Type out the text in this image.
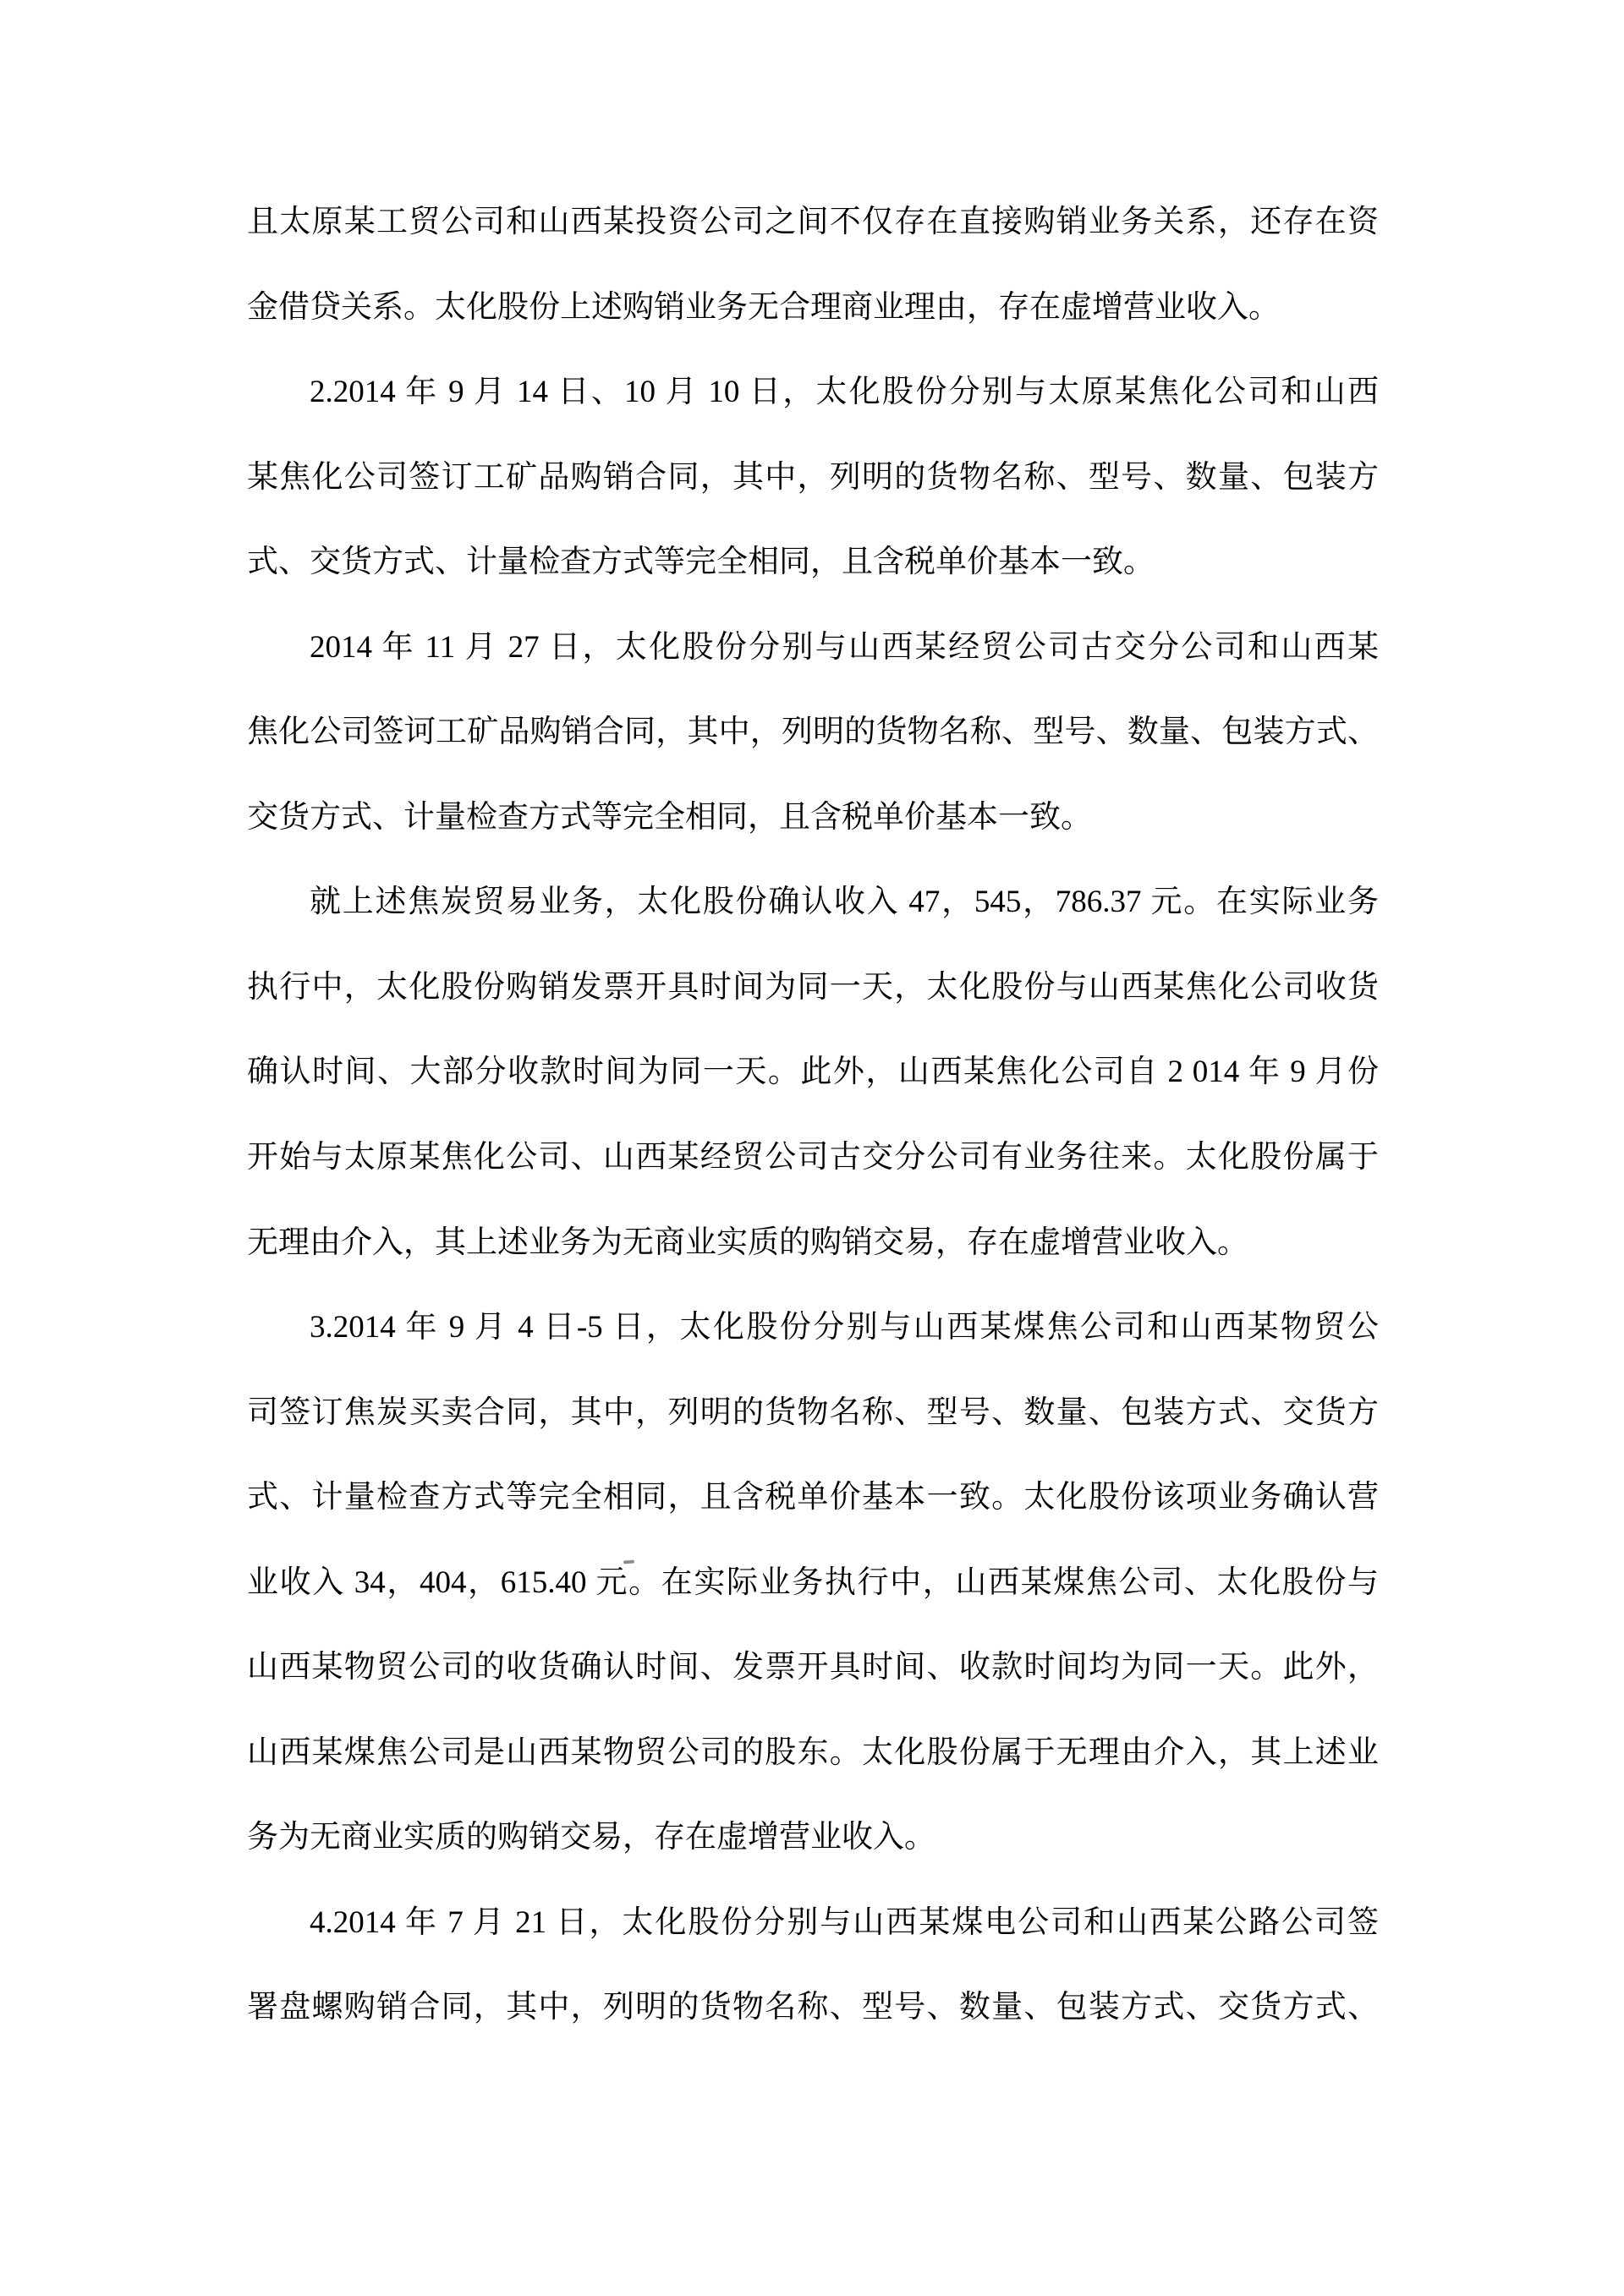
且太原某工贸公司和山西某投资公司之间不仅存在直接购销业务关系，还存在资
金借贷关系。太化股份上述购销业务无合理商业理由，存在虚增营业收入。
2.2014 年 9 月 14 日、10 月 10 日，太化股份分别与太原某焦化公司和山西
某焦化公司签订工矿品购销合同，其中，列明的货物名称、型号、数量、包装方
式、交货方式、计量检查方式等完全相同，且含税单价基本一致。
2014 年 11 月 27 日，太化股份分别与山西某经贸公司古交分公司和山西某
焦化公司签诃工矿品购销合同，其中，列明的货物名称、型号、数量、包装方式、
交货方式、计量检查方式等完全相同，且含税单价基本一致。
就上述焦炭贸易业务，太化股份确认收入 47，545，786.37 元。在实际业务
执行中，太化股份购销发票开具时间为同一天，太化股份与山西某焦化公司收货
确认时间、大部分收款时间为同一天。此外，山西某焦化公司自 2 014 年 9 月份
开始与太原某焦化公司、山西某经贸公司古交分公司有业务往来。太化股份属于
无理由介入，其上述业务为无商业实质的购销交易，存在虚增营业收入。
3.2014 年 9 月 4 日-5 日，太化股份分别与山西某煤焦公司和山西某物贸公
司签订焦炭买卖合同，其中，列明的货物名称、型号、数量、包装方式、交货方
式、计量检查方式等完全相同，且含税单价基本一致。太化股份该项业务确认营
业收入 34，404，615.40 元。在实际业务执行中，山西某煤焦公司、太化股份与
山西某物贸公司的收货确认时间、发票开具时间、收款时间均为同一天。此外，
山西某煤焦公司是山西某物贸公司的股东。太化股份属于无理由介入，其上述业
务为无商业实质的购销交易，存在虚增营业收入。
4.2014 年 7 月 21 日，太化股份分别与山西某煤电公司和山西某公路公司签
署盘螺购销合同，其中，列明的货物名称、型号、数量、包装方式、交货方式、
